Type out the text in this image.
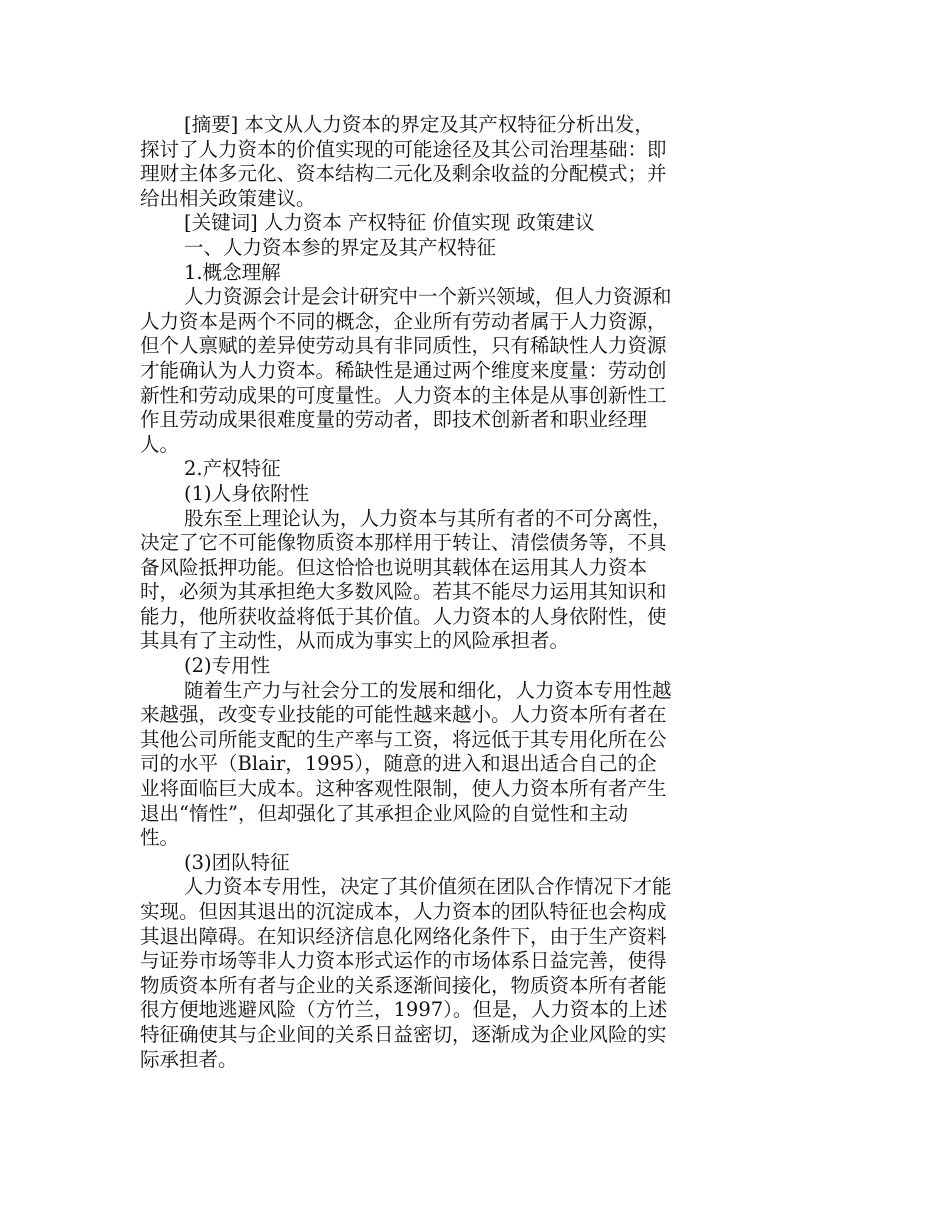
[摘要] 本文从人力资本的界定及其产权特征分析出发，
探讨了人力资本的价值实现的可能途径及其公司治理基础：即
理财主体多元化、资本结构二元化及剩余收益的分配模式；并
给出相关政策建议。
[关键词] 人力资本 产权特征 价值实现 政策建议
一、人力资本参的界定及其产权特征
1.概念理解
人力资源会计是会计研究中一个新兴领域，但人力资源和
人力资本是两个不同的概念，企业所有劳动者属于人力资源，
但个人禀赋的差异使劳动具有非同质性，只有稀缺性人力资源
才能确认为人力资本。稀缺性是通过两个维度来度量：劳动创
新性和劳动成果的可度量性。人力资本的主体是从事创新性工
作且劳动成果很难度量的劳动者，即技术创新者和职业经理
人。
2.产权特征
(1)人身依附性
股东至上理论认为，人力资本与其所有者的不可分离性，
决定了它不可能像物质资本那样用于转让、清偿债务等，不具
备风险抵押功能。但这恰恰也说明其载体在运用其人力资本
时，必须为其承担绝大多数风险。若其不能尽力运用其知识和
能力，他所获收益将低于其价值。人力资本的人身依附性，使
其具有了主动性，从而成为事实上的风险承担者。
(2)专用性
随着生产力与社会分工的发展和细化，人力资本专用性越
来越强，改变专业技能的可能性越来越小。人力资本所有者在
其他公司所能支配的生产率与工资，将远低于其专用化所在公
司的水平（Blair，1995），随意的进入和退出适合自己的企
业将面临巨大成本。这种客观性限制，使人力资本所有者产生
退出“惰性”，但却强化了其承担企业风险的自觉性和主动
性。
(3)团队特征
人力资本专用性，决定了其价值须在团队合作情况下才能
实现。但因其退出的沉淀成本，人力资本的团队特征也会构成
其退出障碍。在知识经济信息化网络化条件下，由于生产资料
与证券市场等非人力资本形式运作的市场体系日益完善，使得
物质资本所有者与企业的关系逐渐间接化，物质资本所有者能
很方便地逃避风险（方竹兰，1997）。但是，人力资本的上述
特征确使其与企业间的关系日益密切，逐渐成为企业风险的实
际承担者。
